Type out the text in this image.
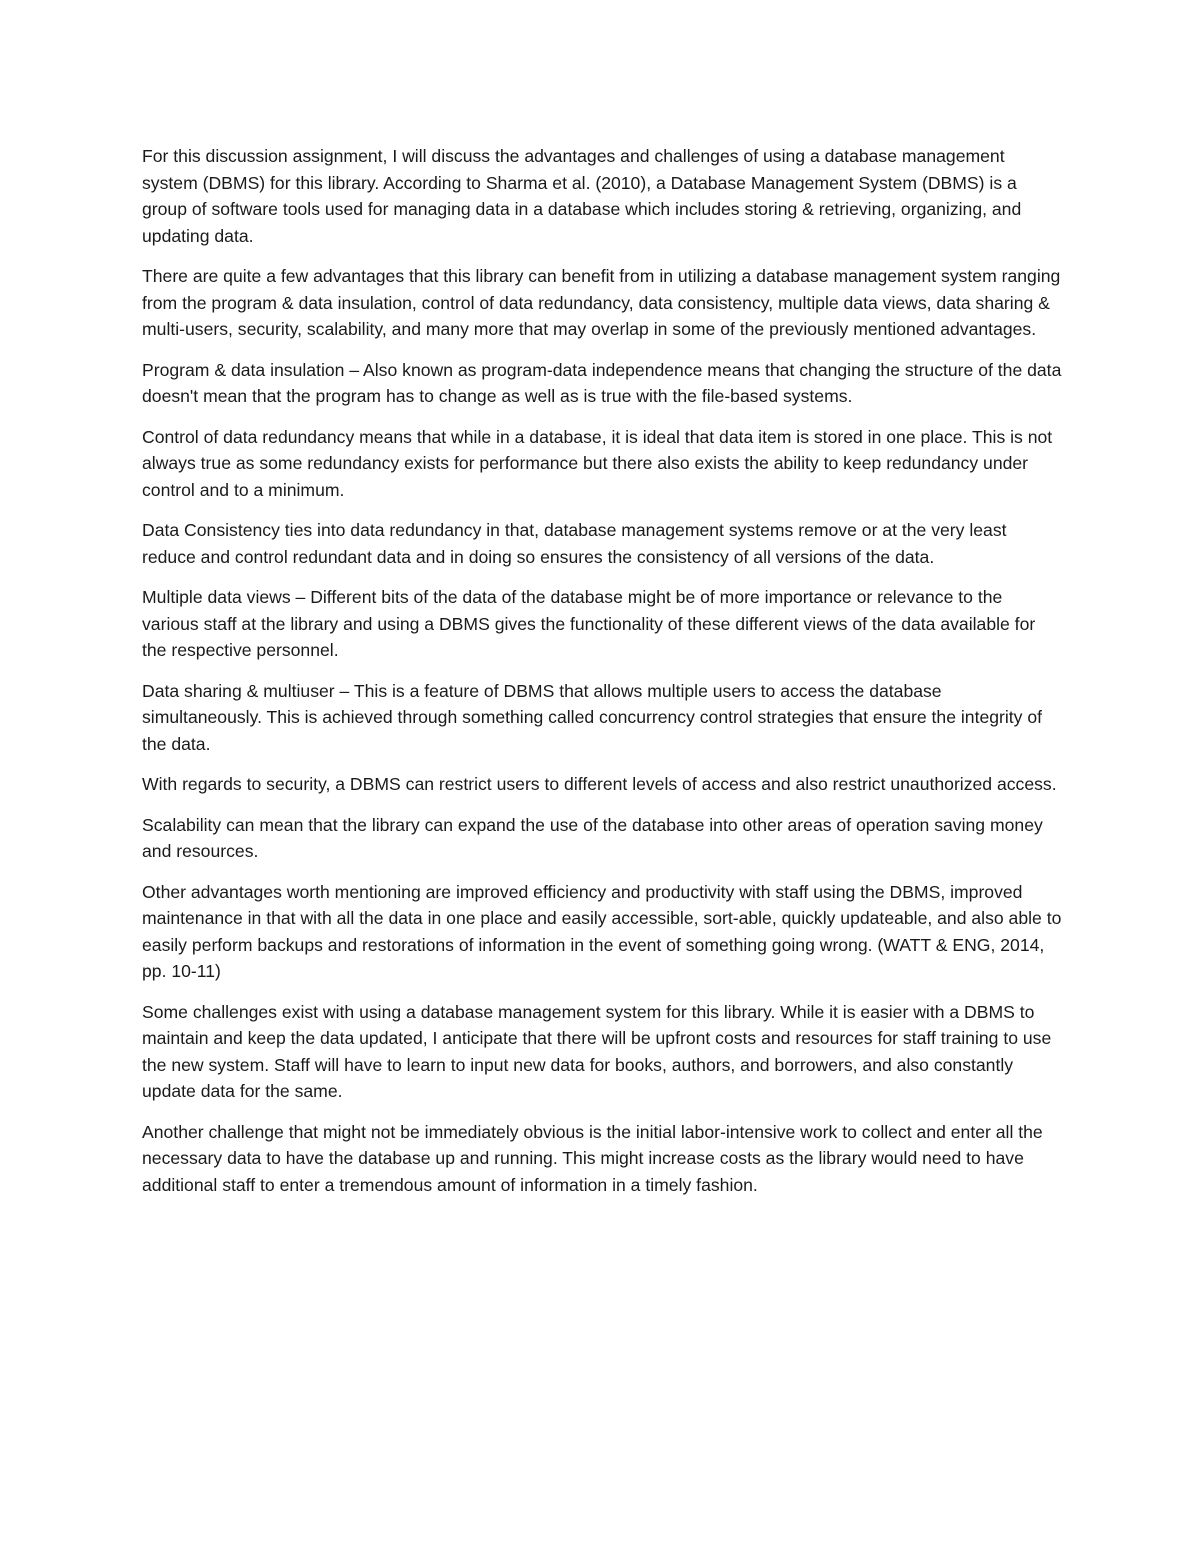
For this discussion assignment, I will discuss the advantages and challenges of using a database management system (DBMS) for this library. According to Sharma et al. (2010), a Database Management System (DBMS) is a group of software tools used for managing data in a database which includes storing & retrieving, organizing, and updating data.

There are quite a few advantages that this library can benefit from in utilizing a database management system ranging from the program & data insulation, control of data redundancy, data consistency, multiple data views, data sharing & multi-users, security, scalability, and many more that may overlap in some of the previously mentioned advantages.

Program & data insulation – Also known as program-data independence means that changing the structure of the data doesn't mean that the program has to change as well as is true with the file-based systems.

Control of data redundancy means that while in a database, it is ideal that data item is stored in one place. This is not always true as some redundancy exists for performance but there also exists the ability to keep redundancy under control and to a minimum.

Data Consistency ties into data redundancy in that, database management systems remove or at the very least reduce and control redundant data and in doing so ensures the consistency of all versions of the data.

Multiple data views – Different bits of the data of the database might be of more importance or relevance to the various staff at the library and using a DBMS gives the functionality of these different views of the data available for the respective personnel.

Data sharing & multiuser – This is a feature of DBMS that allows multiple users to access the database simultaneously. This is achieved through something called concurrency control strategies that ensure the integrity of the data.

With regards to security, a DBMS can restrict users to different levels of access and also restrict unauthorized access.

Scalability can mean that the library can expand the use of the database into other areas of operation saving money and resources.

Other advantages worth mentioning are improved efficiency and productivity with staff using the DBMS, improved maintenance in that with all the data in one place and easily accessible, sort-able, quickly updateable, and also able to easily perform backups and restorations of information in the event of something going wrong. (WATT & ENG, 2014, pp. 10-11)

Some challenges exist with using a database management system for this library. While it is easier with a DBMS to maintain and keep the data updated, I anticipate that there will be upfront costs and resources for staff training to use the new system. Staff will have to learn to input new data for books, authors, and borrowers, and also constantly update data for the same.

Another challenge that might not be immediately obvious is the initial labor-intensive work to collect and enter all the necessary data to have the database up and running. This might increase costs as the library would need to have additional staff to enter a tremendous amount of information in a timely fashion.
